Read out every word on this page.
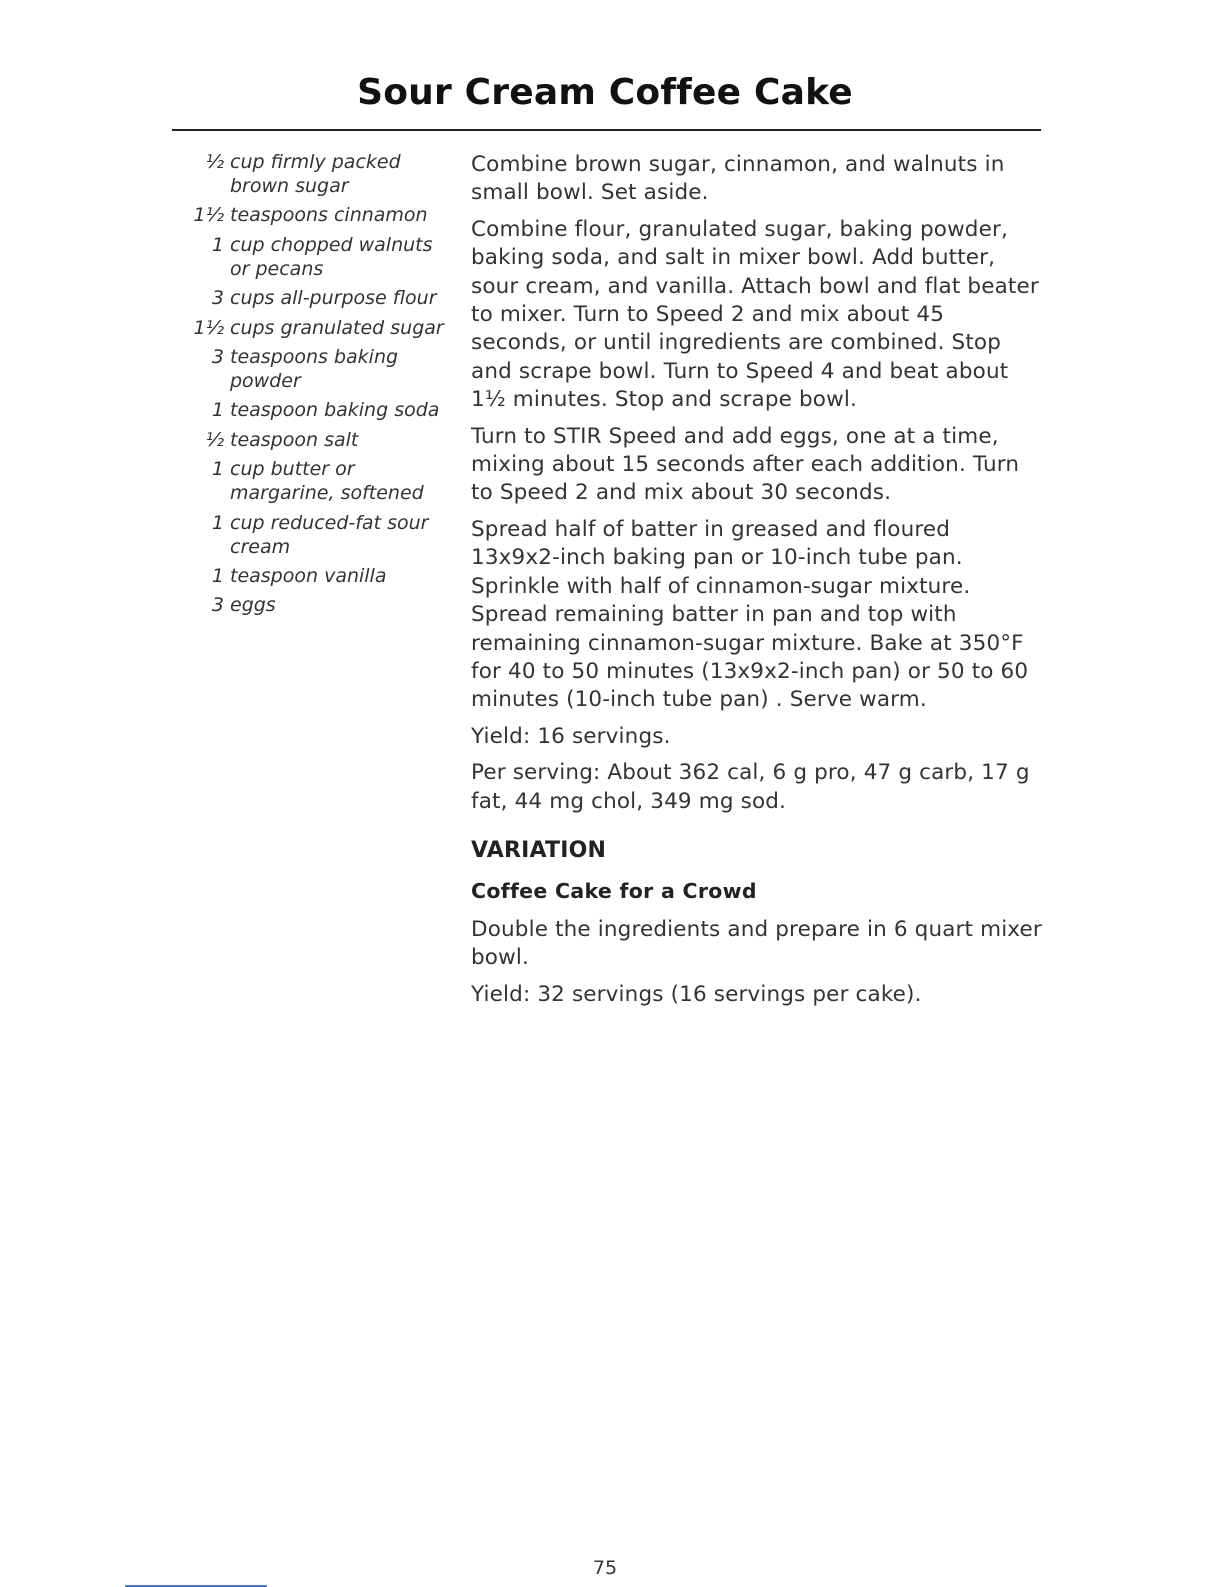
Sour Cream Coffee Cake
½ cup firmly packed brown sugar
1½ teaspoons cinnamon
1 cup chopped walnuts or pecans
3 cups all-purpose flour
1½ cups granulated sugar
3 teaspoons baking powder
1 teaspoon baking soda
½ teaspoon salt
1 cup butter or margarine, softened
1 cup reduced-fat sour cream
1 teaspoon vanilla
3 eggs

Combine brown sugar, cinnamon, and walnuts in small bowl. Set aside.

Combine flour, granulated sugar, baking powder, baking soda, and salt in mixer bowl. Add butter, sour cream, and vanilla. Attach bowl and flat beater to mixer. Turn to Speed 2 and mix about 45 seconds, or until ingredients are combined. Stop and scrape bowl. Turn to Speed 4 and beat about 1½ minutes. Stop and scrape bowl.

Turn to STIR Speed and add eggs, one at a time, mixing about 15 seconds after each addition. Turn to Speed 2 and mix about 30 seconds.

Spread half of batter in greased and floured 13x9x2-inch baking pan or 10-inch tube pan. Sprinkle with half of cinnamon-sugar mixture. Spread remaining batter in pan and top with remaining cinnamon-sugar mixture. Bake at 350°F for 40 to 50 minutes (13x9x2-inch pan) or 50 to 60 minutes (10-inch tube pan) . Serve warm.

Yield: 16 servings.

Per serving: About 362 cal, 6 g pro, 47 g carb, 17 g fat, 44 mg chol, 349 mg sod.

VARIATION
Coffee Cake for a Crowd

Double the ingredients and prepare in 6 quart mixer bowl.

Yield: 32 servings (16 servings per cake).

75
